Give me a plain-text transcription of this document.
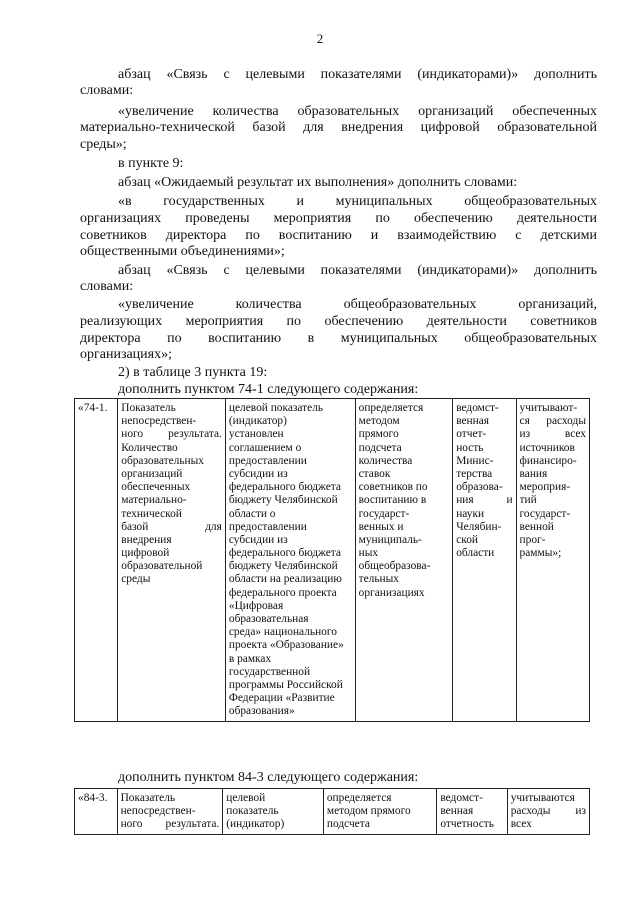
2
абзац «Связь с целевыми показателями (индикаторами)» дополнить
словами:
«увеличение количества образовательных организаций обеспеченных
материально-технической базой для внедрения цифровой образовательной
среды»;
в пункте 9:
абзац «Ожидаемый результат их выполнения» дополнить словами:
«в государственных и муниципальных общеобразовательных
организациях проведены мероприятия по обеспечению деятельности
советников директора по воспитанию и взаимодействию с детскими
общественными объединениями»;
абзац «Связь с целевыми показателями (индикаторами)» дополнить
словами:
«увеличение количества общеобразовательных организаций,
реализующих мероприятия по обеспечению деятельности советников
директора по воспитанию в муниципальных общеобразовательных
организациях»;
2) в таблице 3 пункта 19:
дополнить пунктом 74-1 следующего содержания:
«74-1.	Показатель
непосредствен-
ного результата.
Количество
образовательных
организаций
обеспеченных
материально-
технической
базой для
внедрения
цифровой
образовательной
среды

целевой показатель
(индикатор)
установлен
соглашением о
предоставлении
субсидии из
федерального бюджета
бюджету Челябинской
области о
предоставлении
субсидии из
федерального бюджета
бюджету Челябинской
области на реализацию
федерального проекта
«Цифровая
образовательная
среда» национального
проекта «Образование»
в рамках
государственной
программы Российской
Федерации «Развитие
образования»

определяется
методом
прямого
подсчета
количества
ставок
советников по
воспитанию в
государст-
венных и
муниципаль-
ных
общеобразова-
тельных
организациях

ведомст-
венная
отчет-
ность
Минис-
терства
образова-
ния и
науки
Челябин-
ской
области

учитывают-
ся расходы
из всех
источников
финансиро-
вания
мероприя-
тий
государст-
венной
прог-
раммы»;
дополнить пунктом 84-3 следующего содержания:
«84-3.	Показатель
непосредствен-
ного результата.

целевой
показатель
(индикатор)

определяется
методом прямого
подсчета

ведомст-
венная
отчетность

учитываются
расходы из
всех
